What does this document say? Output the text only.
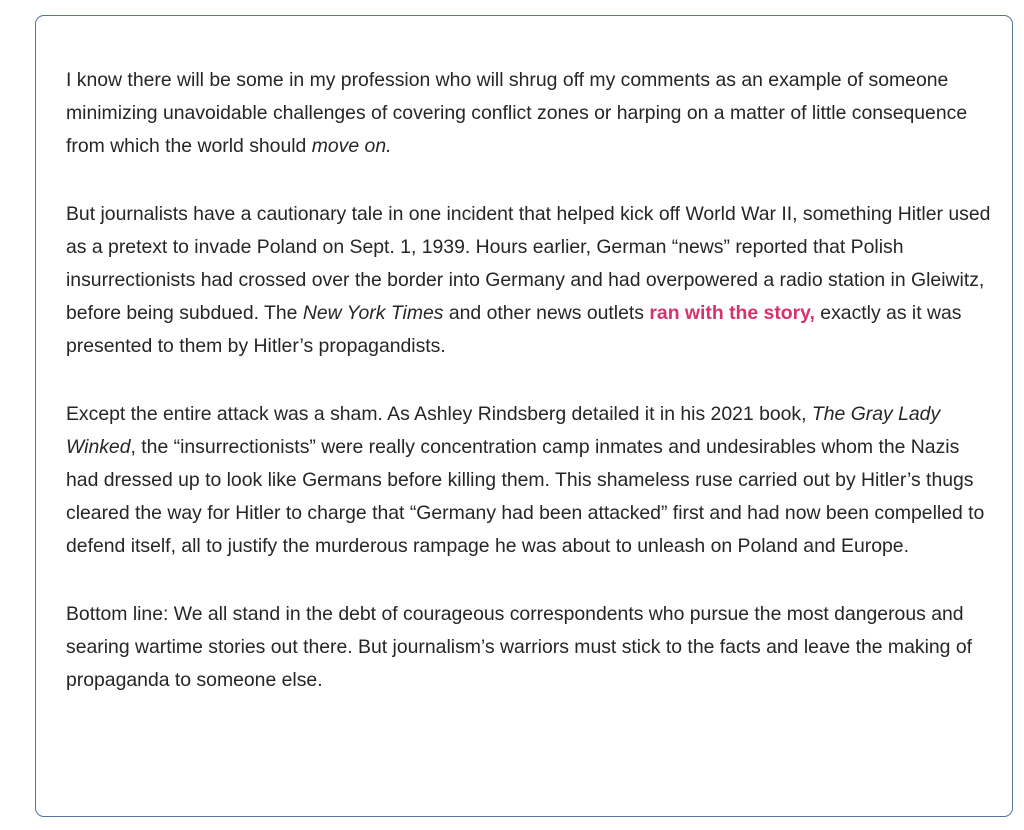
I know there will be some in my profession who will shrug off my comments as an example of someone minimizing unavoidable challenges of covering conflict zones or harping on a matter of little consequence from which the world should move on.

But journalists have a cautionary tale in one incident that helped kick off World War II, something Hitler used as a pretext to invade Poland on Sept. 1, 1939. Hours earlier, German “news” reported that Polish insurrectionists had crossed over the border into Germany and had overpowered a radio station in Gleiwitz, before being subdued. The New York Times and other news outlets ran with the story, exactly as it was presented to them by Hitler’s propagandists.

Except the entire attack was a sham. As Ashley Rindsberg detailed it in his 2021 book, The Gray Lady Winked, the “insurrectionists” were really concentration camp inmates and undesirables whom the Nazis had dressed up to look like Germans before killing them. This shameless ruse carried out by Hitler’s thugs cleared the way for Hitler to charge that “Germany had been attacked” first and had now been compelled to defend itself, all to justify the murderous rampage he was about to unleash on Poland and Europe.

Bottom line: We all stand in the debt of courageous correspondents who pursue the most dangerous and searing wartime stories out there. But journalism’s warriors must stick to the facts and leave the making of propaganda to someone else.
